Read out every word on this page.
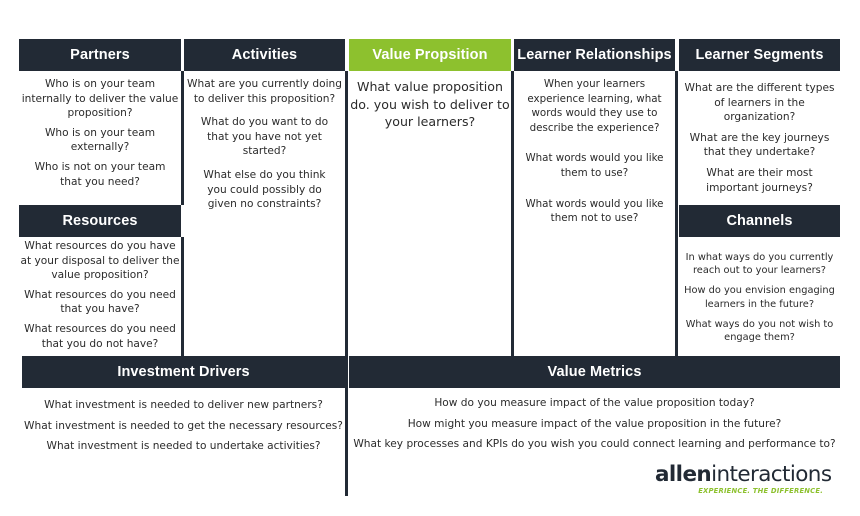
Partners

Who is on your team internally to deliver the value proposition?

Who is on your team externally?

Who is not on your team that you need?

Resources

What resources do you have at your disposal to deliver the value proposition?

What resources do you need that you have?

What resources do you need that you do not have?

Activities

What are you currently doing to deliver this proposition?

What do you want to do that you have not yet started?

What else do you think you could possibly do given no constraints?

Value Propsition

What value proposition do. you wish to deliver to your learners?

Learner Relationships

When your learners experience learning, what words would they use to describe the experience?

What words would you like them to use?

What words would you like them not to use?

Learner Segments

What are the different types of learners in the organization?

What are the key journeys that they undertake?

What are their most important journeys?

Channels

In what ways do you currently reach out to your learners?

How do you envision engaging learners in the future?

What ways do you not wish to engage them?

Investment Drivers

What investment is needed to deliver new partners?

What investment is needed to get the necessary resources?

What investment is needed to undertake activities?

Value Metrics

How do you measure impact of the value proposition today?

How might you measure impact of the value proposition in the future?

What key processes and KPIs do you wish you could connect learning and performance to?

alleninteractions
EXPERIENCE. THE DIFFERENCE.
